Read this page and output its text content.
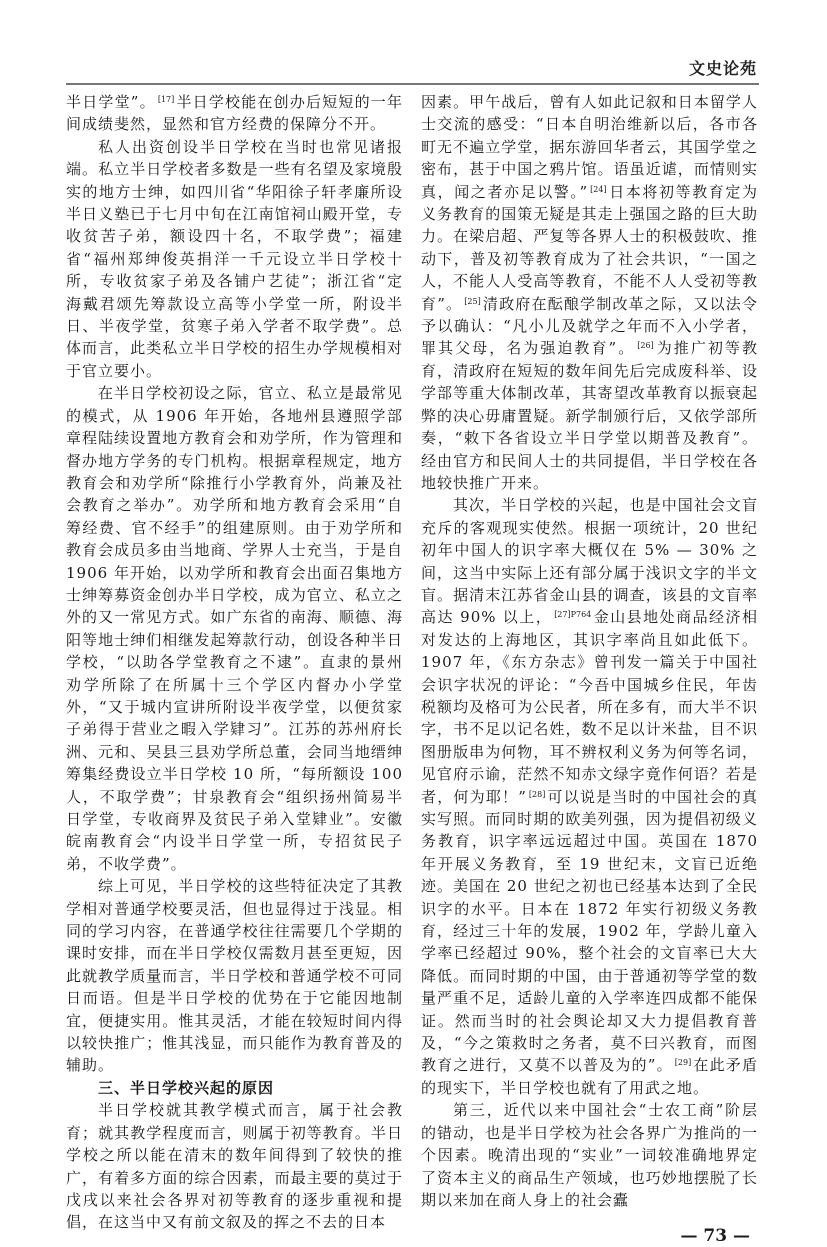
文史论苑

半日学堂”。 [17] 半日学校能在创办后短短的一年间成绩斐然，显然和官方经费的保障分不开。

私人出资创设半日学校在当时也常见诸报端。私立半日学校者多数是一些有名望及家境殷实的地方士绅，如四川省“华阳徐子轩孝廉所设半日义塾已于七月中旬在江南馆祠山殿开堂，专收贫苦子弟，额设四十名，不取学费”；福建省“福州郑绅俊英捐洋一千元设立半日学校十所，专收贫家子弟及各铺户艺徒”；浙江省“定海戴君颂先筹款设立高等小学堂一所，附设半日、半夜学堂，贫寒子弟入学者不取学费”。总体而言，此类私立半日学校的招生办学规模相对于官立要小。

在半日学校初设之际，官立、私立是最常见的模式，从 1906 年开始，各地州县遵照学部章程陆续设置地方教育会和劝学所，作为管理和督办地方学务的专门机构。根据章程规定，地方教育会和劝学所“除推行小学教育外，尚兼及社会教育之举办”。劝学所和地方教育会采用“自筹经费、官不经手”的组建原则。由于劝学所和教育会成员多由当地商、学界人士充当，于是自 1906 年开始，以劝学所和教育会出面召集地方士绅筹募资金创办半日学校，成为官立、私立之外的又一常见方式。如广东省的南海、顺德、海阳等地士绅们相继发起筹款行动，创设各种半日学校，“以助各学堂教育之不逮”。直隶的景州劝学所除了在所属十三个学区内督办小学堂外，“又于城内宣讲所附设半夜学堂，以便贫家子弟得于营业之暇入学肄习”。江苏的苏州府长洲、元和、吴县三县劝学所总董，会同当地缙绅筹集经费设立半日学校 10 所，“每所额设 100 人，不取学费”；甘泉教育会“组织扬州简易半日学堂，专收商界及贫民子弟入堂肄业”。安徽皖南教育会“内设半日学堂一所，专招贫民子弟，不收学费”。

综上可见，半日学校的这些特征决定了其教学相对普通学校要灵活，但也显得过于浅显。相同的学习内容，在普通学校往往需要几个学期的课时安排，而在半日学校仅需数月甚至更短，因此就教学质量而言，半日学校和普通学校不可同日而语。但是半日学校的优势在于它能因地制宜，便捷实用。惟其灵活，才能在较短时间内得以较快推广；惟其浅显，而只能作为教育普及的辅助。

三、半日学校兴起的原因

半日学校就其教学模式而言，属于社会教育；就其教学程度而言，则属于初等教育。半日学校之所以能在清末的数年间得到了较快的推广，有着多方面的综合因素，而最主要的莫过于戊戌以来社会各界对初等教育的逐步重视和提倡，在这当中又有前文叙及的挥之不去的日本

因素。甲午战后，曾有人如此记叙和日本留学人士交流的感受：“日本自明治维新以后，各市各町无不遍立学堂，据东游回华者云，其国学堂之密布，甚于中国之鸦片馆。语虽近谑，而情则实真，闻之者亦足以警。” [24] 日本将初等教育定为义务教育的国策无疑是其走上强国之路的巨大助力。在梁启超、严复等各界人士的积极鼓吹、推动下，普及初等教育成为了社会共识，“一国之人，不能人人受高等教育，不能不人人受初等教育”。 [25] 清政府在酝酿学制改革之际，又以法令予以确认：“凡小儿及就学之年而不入小学者，罪其父母，名为强迫教育”。 [26] 为推广初等教育，清政府在短短的数年间先后完成废科举、设学部等重大体制改革，其寄望改革教育以振衰起弊的决心毋庸置疑。新学制颁行后，又依学部所奏，“敕下各省设立半日学堂以期普及教育”。经由官方和民间人士的共同提倡，半日学校在各地较快推广开来。

其次，半日学校的兴起，也是中国社会文盲充斥的客观现实使然。根据一项统计，20 世纪初年中国人的识字率大概仅在 5% — 30% 之间，这当中实际上还有部分属于浅识文字的半文盲。据清末江苏省金山县的调查，该县的文盲率高达 90% 以上， $^{[27]P764}$ 金山县地处商品经济相对发达的上海地区，其识字率尚且如此低下。1907 年，《东方杂志》曾刊发一篇关于中国社会识字状况的评论：“今吾中国城乡住民，年齿税额均及格可为公民者，所在多有，而大半不识字，书不足以记名姓，数不足以计米盐，目不识图册版串为何物，耳不辨权利义务为何等名词，见官府示谕，茫然不知赤文绿字竟作何语？若是者，何为耶！” [28] 可以说是当时的中国社会的真实写照。而同时期的欧美列强，因为提倡初级义务教育，识字率远远超过中国。英国在 1870 年开展义务教育，至 19 世纪末，文盲已近绝迹。美国在 20 世纪之初也已经基本达到了全民识字的水平。日本在 1872 年实行初级义务教育，经过三十年的发展，1902 年，学龄儿童入学率已经超过 90%，整个社会的文盲率已大大降低。而同时期的中国，由于普通初等学堂的数量严重不足，适龄儿童的入学率连四成都不能保证。然而当时的社会舆论却又大力提倡教育普及，“今之策救时之务者，莫不曰兴教育，而图教育之进行，又莫不以普及为的”。 [29] 在此矛盾的现实下，半日学校也就有了用武之地。

第三，近代以来中国社会“士农工商”阶层的错动，也是半日学校为社会各界广为推尚的一个因素。晚清出现的“实业”一词较准确地界定了资本主义的商品生产领域，也巧妙地摆脱了长期以来加在商人身上的社会蠹

— 73 —
